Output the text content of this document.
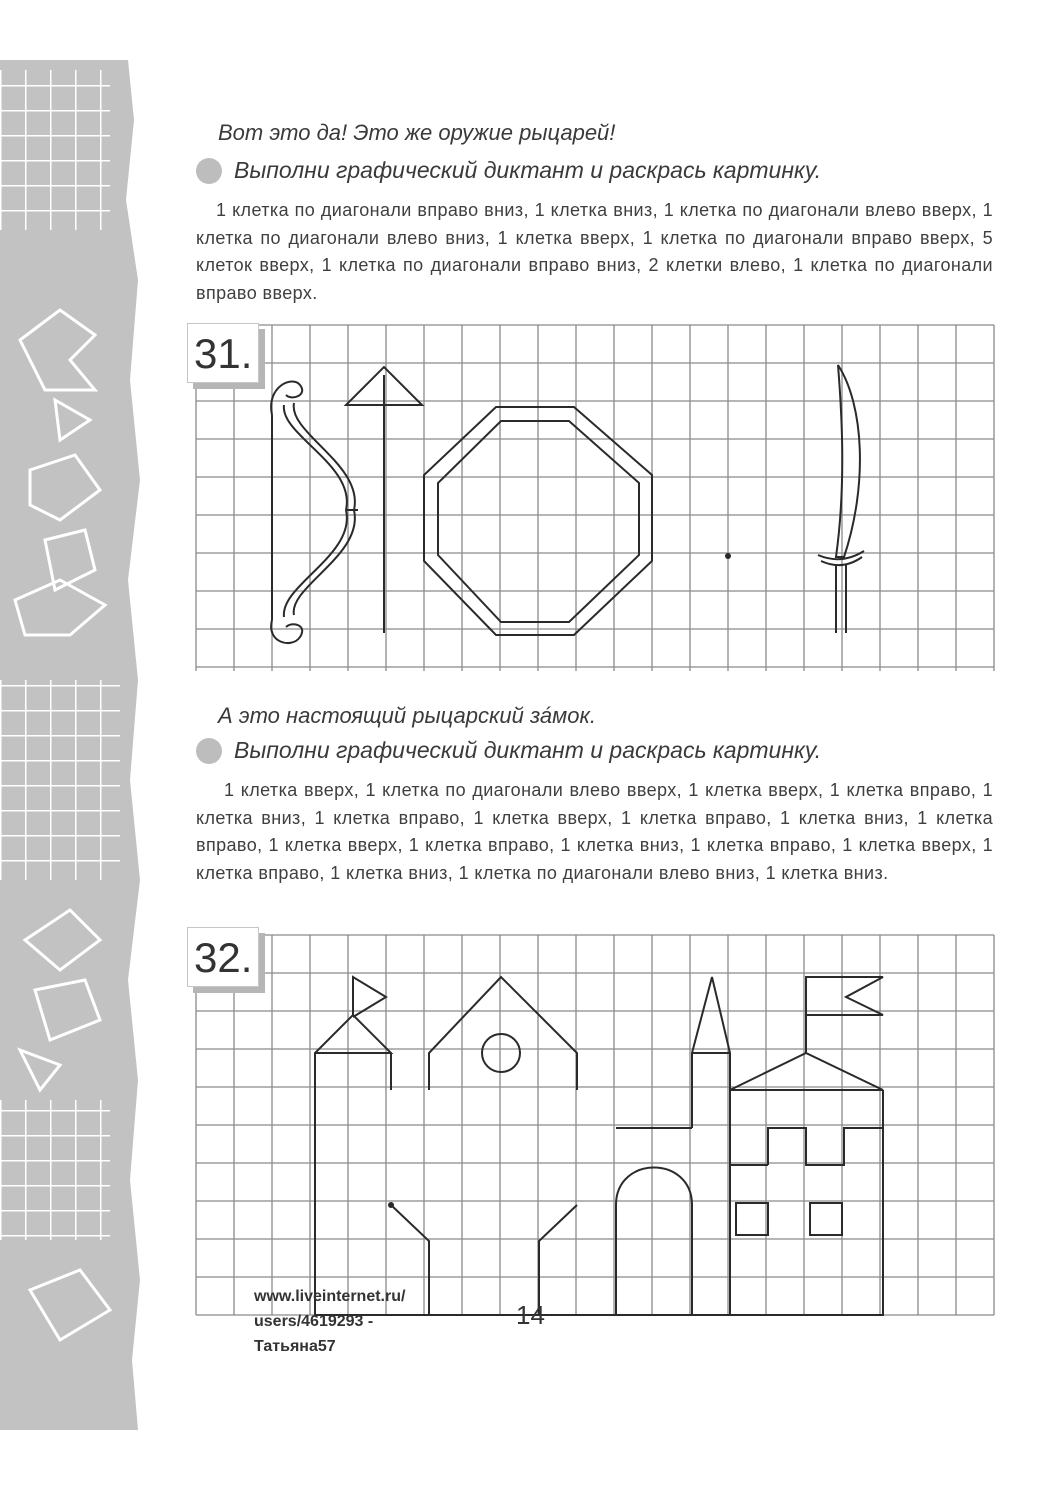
Вот это да! Это же оружие рыцарей!
Выполни графический диктант и раскрась картинку.
1 клетка по диагонали вправо вниз, 1 клетка вниз, 1 клетка по диагонали влево вверх, 1 клетка по диагонали влево вниз, 1 клетка вверх, 1 клетка по диагонали вправо вверх, 5 клеток вверх, 1 клетка по диагонали вправо вниз, 2 клетки влево, 1 клетка по диагонали вправо вверх.
31.
А это настоящий рыцарский за́мок.
Выполни графический диктант и раскрась картинку.
1 клетка вверх, 1 клетка по диагонали влево вверх, 1 клетка вверх, 1 клетка вправо, 1 клетка вниз, 1 клетка вправо, 1 клетка вверх, 1 клетка вправо, 1 клетка вниз, 1 клетка вправо, 1 клетка вверх, 1 клетка вправо, 1 клетка вниз, 1 клетка вправо, 1 клетка вверх, 1 клетка вправо, 1 клетка вниз, 1 клетка по диагонали влево вниз, 1 клетка вниз.
32.
www.liveinternet.ru/
users/4619293 -
Татьяна57
14
